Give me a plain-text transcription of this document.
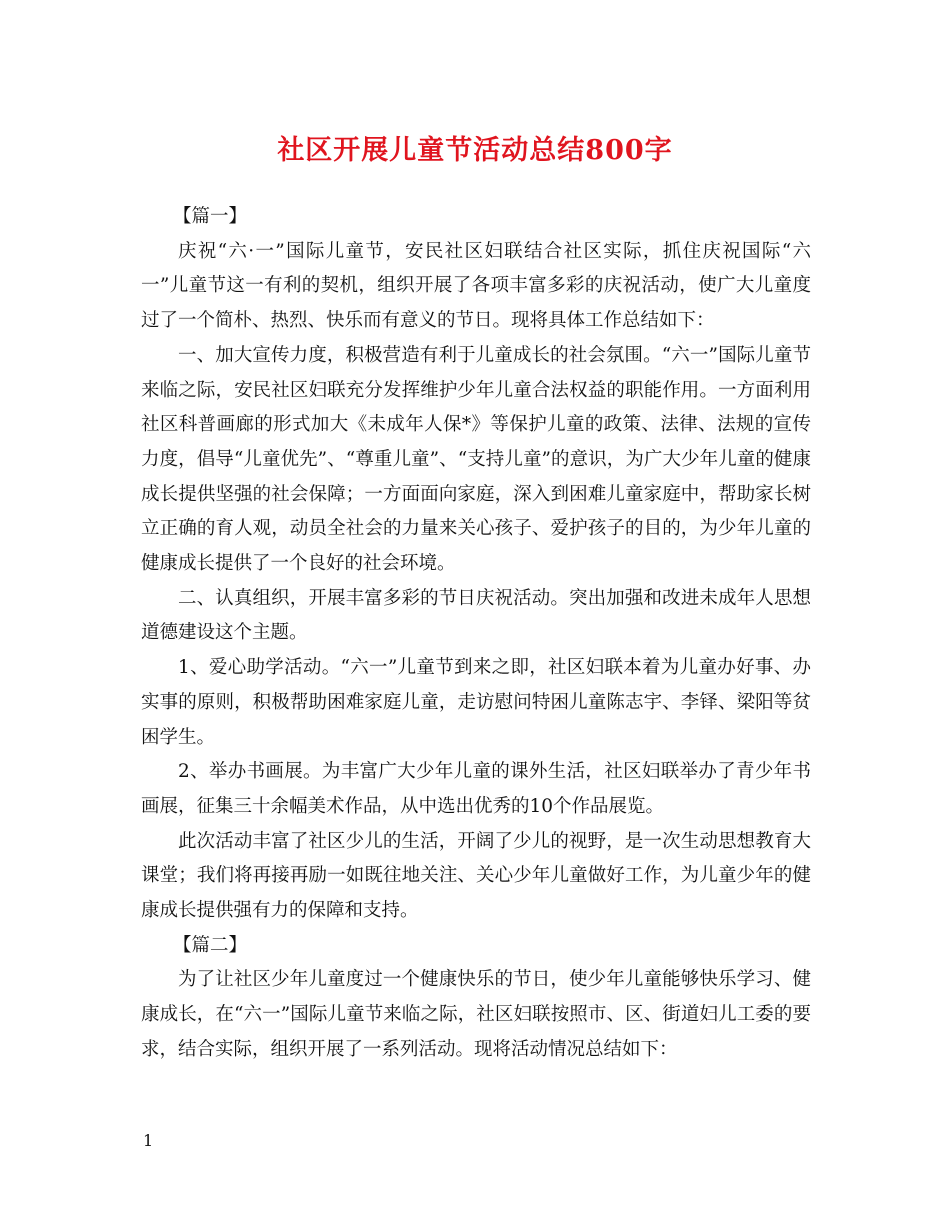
社区开展儿童节活动总结800字

【篇一】

庆祝“六·一”国际儿童节，安民社区妇联结合社区实际，抓住庆祝国际“六一”儿童节这一有利的契机，组织开展了各项丰富多彩的庆祝活动，使广大儿童度过了一个简朴、热烈、快乐而有意义的节日。现将具体工作总结如下：

一、加大宣传力度，积极营造有利于儿童成长的社会氛围。“六一”国际儿童节来临之际，安民社区妇联充分发挥维护少年儿童合法权益的职能作用。一方面利用社区科普画廊的形式加大《未成年人保*》等保护儿童的政策、法律、法规的宣传力度，倡导“儿童优先”、“尊重儿童”、“支持儿童”的意识，为广大少年儿童的健康成长提供坚强的社会保障；一方面面向家庭，深入到困难儿童家庭中，帮助家长树立正确的育人观，动员全社会的力量来关心孩子、爱护孩子的目的，为少年儿童的健康成长提供了一个良好的社会环境。

二、认真组织，开展丰富多彩的节日庆祝活动。突出加强和改进未成年人思想道德建设这个主题。

1、爱心助学活动。“六一”儿童节到来之即，社区妇联本着为儿童办好事、办实事的原则，积极帮助困难家庭儿童，走访慰问特困儿童陈志宇、李铎、梁阳等贫困学生。

2、举办书画展。为丰富广大少年儿童的课外生活，社区妇联举办了青少年书画展，征集三十余幅美术作品，从中选出优秀的10个作品展览。

此次活动丰富了社区少儿的生活，开阔了少儿的视野，是一次生动思想教育大课堂；我们将再接再励一如既往地关注、关心少年儿童做好工作，为儿童少年的健康成长提供强有力的保障和支持。

【篇二】

为了让社区少年儿童度过一个健康快乐的节日，使少年儿童能够快乐学习、健康成长，在“六一”国际儿童节来临之际，社区妇联按照市、区、街道妇儿工委的要求，结合实际，组织开展了一系列活动。现将活动情况总结如下：

1
